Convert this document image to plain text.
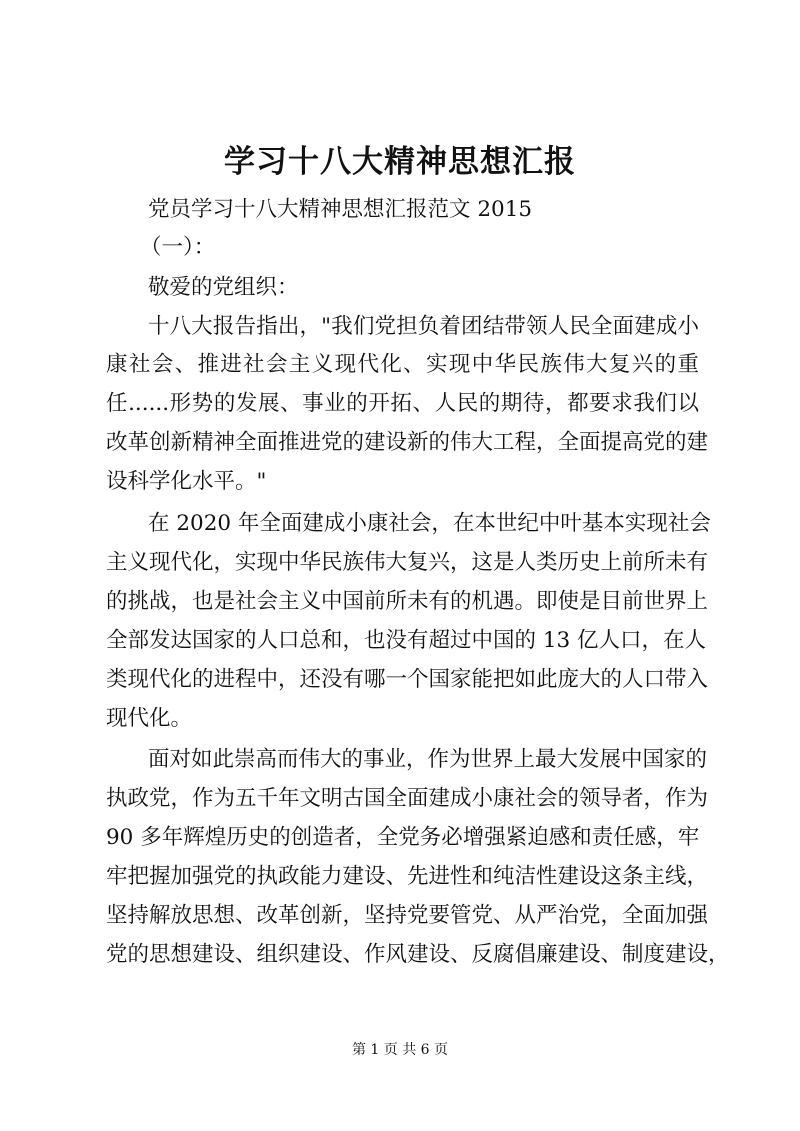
学习十八大精神思想汇报
党员学习十八大精神思想汇报范文 2015
（一）：
敬爱的党组织：
十八大报告指出，"我们党担负着团结带领人民全面建成小
康社会、推进社会主义现代化、实现中华民族伟大复兴的重
任......形势的发展、事业的开拓、人民的期待，都要求我们以
改革创新精神全面推进党的建设新的伟大工程，全面提高党的建
设科学化水平。"
在 2020 年全面建成小康社会，在本世纪中叶基本实现社会
主义现代化，实现中华民族伟大复兴，这是人类历史上前所未有
的挑战，也是社会主义中国前所未有的机遇。即使是目前世界上
全部发达国家的人口总和，也没有超过中国的 13 亿人口，在人
类现代化的进程中，还没有哪一个国家能把如此庞大的人口带入
现代化。
面对如此崇高而伟大的事业，作为世界上最大发展中国家的
执政党，作为五千年文明古国全面建成小康社会的领导者，作为
90 多年辉煌历史的创造者，全党务必增强紧迫感和责任感，牢
牢把握加强党的执政能力建设、先进性和纯洁性建设这条主线，
坚持解放思想、改革创新，坚持党要管党、从严治党，全面加强
党的思想建设、组织建设、作风建设、反腐倡廉建设、制度建设，
第 1 页 共 6 页
